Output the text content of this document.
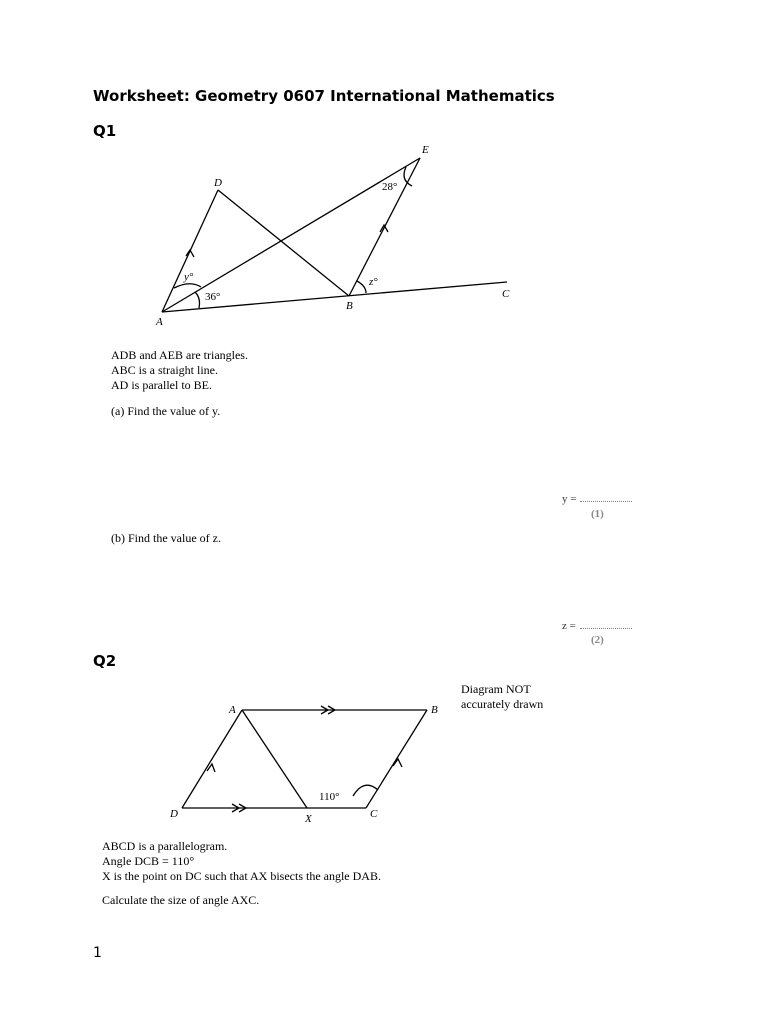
Worksheet: Geometry 0607 International Mathematics
Q1
A
B
C
D
E
y°	z°
36°
28°
ADB and AEB are triangles.
ABC is a straight line.
AD is parallel to BE.
(a) Find the value of y.
y =
(1)
(b) Find the value of z.
z =
(2)
Q2
Diagram NOT
accurately drawn
A	B
C
D	X
110°
ABCD is a parallelogram.
Angle DCB = 110°
X is the point on DC such that AX bisects the angle DAB.
Calculate the size of angle AXC.
1
